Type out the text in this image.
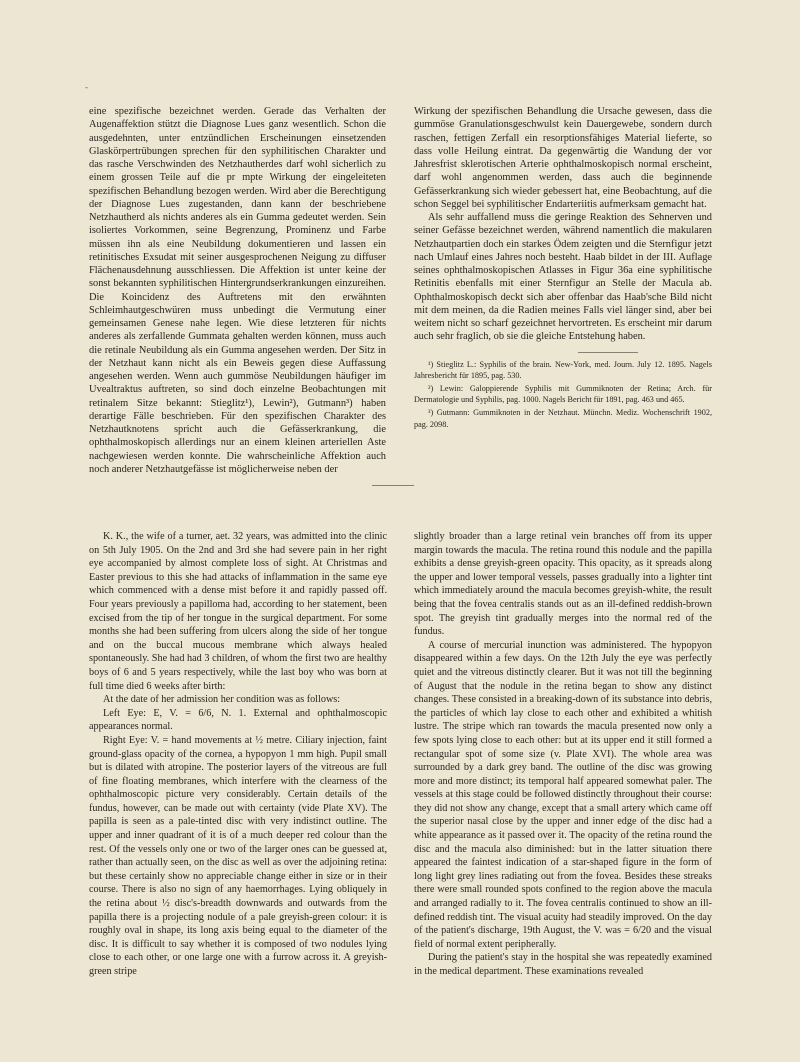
-

eine spezifische bezeichnet werden. Gerade das Verhalten der Augenaffektion stützt die Diagnose Lues ganz wesentlich. Schon die ausgedehnten, unter entzündlichen Erscheinungen einsetzenden Glaskörpertrübungen sprechen für den syphilitischen Charakter und das rasche Verschwinden des Netzhautherdes darf wohl sicherlich zu einem grossen Teile auf die pr mpte Wirkung der eingeleiteten spezifischen Behandlung bezogen werden. Wird aber die Berechtigung der Diagnose Lues zugestanden, dann kann der beschriebene Netzhautherd als nichts anderes als ein Gumma gedeutet werden. Sein isoliertes Vorkommen, seine Begrenzung, Prominenz und Farbe müssen ihn als eine Neubildung dokumentieren und lassen ein retinitisches Exsudat mit seiner ausgesprochenen Neigung zu diffuser Flächenausdehnung ausschliessen. Die Affektion ist unter keine der sonst bekannten syphilitischen Hintergrundserkrankungen einzureihen. Die Koincidenz des Auftretens mit den erwähnten Schleimhautgeschwüren muss unbedingt die Vermutung einer gemeinsamen Genese nahe legen. Wie diese letzteren für nichts anderes als zerfallende Gummata gehalten werden können, muss auch die retinale Neubildung als ein Gumma angesehen werden. Der Sitz in der Netzhaut kann nicht als ein Beweis gegen diese Auffassung angesehen werden. Wenn auch gummöse Neubildungen häufiger im Uvealtraktus auftreten, so sind doch einzelne Beobachtungen mit retinalem Sitze bekannt: Stieglitz¹), Lewin²), Gutmann³) haben derartige Fälle beschrieben. Für den spezifischen Charakter des Netzhautknotens spricht auch die Gefässerkrankung, die ophthalmoskopisch allerdings nur an einem kleinen arteriellen Aste nachgewiesen werden konnte. Die wahrscheinliche Affektion auch noch anderer Netzhautgefässe ist möglicherweise neben der

Wirkung der spezifischen Behandlung die Ursache gewesen, dass die gummöse Granulationsgeschwulst kein Dauergewebe, sondern durch raschen, fettigen Zerfall ein resorptionsfähiges Material lieferte, so dass volle Heilung eintrat. Da gegenwärtig die Wandung der vor Jahresfrist sklerotischen Arterie ophthalmoskopisch normal erscheint, darf wohl angenommen werden, dass auch die beginnende Gefässerkrankung sich wieder gebessert hat, eine Beobachtung, auf die schon Seggel bei syphilitischer Endarteriitis aufmerksam gemacht hat.

Als sehr auffallend muss die geringe Reaktion des Sehnerven und seiner Gefässe bezeichnet werden, während namentlich die makularen Netzhautpartien doch ein starkes Ödem zeigten und die Sternfigur jetzt nach Umlauf eines Jahres noch besteht. Haab bildet in der III. Auflage seines ophthalmoskopischen Atlasses in Figur 36a eine syphilitische Retinitis ebenfalls mit einer Sternfigur an Stelle der Macula ab. Ophthalmoskopisch deckt sich aber offenbar das Haab'sche Bild nicht mit dem meinen, da die Radien meines Falls viel länger sind, aber bei weitem nicht so scharf gezeichnet hervortreten. Es erscheint mir darum auch sehr fraglich, ob sie die gleiche Entstehung haben.

¹) Stieglitz L.: Syphilis of the brain. New-York, med. Journ. July 12. 1895. Nagels Jahresbericht für 1895, pag. 530.

²) Lewin: Galoppierende Syphilis mit Gummiknoten der Retina; Arch. für Dermatologie und Syphilis, pag. 1000. Nagels Bericht für 1891, pag. 463 und 465.

³) Gutmann: Gummiknoten in der Netzhaut. Münchn. Mediz. Wochenschrift 1902, pag. 2098.

K. K., the wife of a turner, aet. 32 years, was admitted into the clinic on 5th July 1905. On the 2nd and 3rd she had severe pain in her right eye accompanied by almost complete loss of sight. At Christmas and Easter previous to this she had attacks of inflammation in the same eye which commenced with a dense mist before it and rapidly passed off. Four years previously a papilloma had, according to her statement, been excised from the tip of her tongue in the surgical department. For some months she had been suffering from ulcers along the side of her tongue and on the buccal mucous membrane which always healed spontaneously. She had had 3 children, of whom the first two are healthy boys of 6 and 5 years respectively, while the last boy who was born at full time died 6 weeks after birth:

At the date of her admission her condition was as follows:

Left Eye: E, V. = 6/6, N. 1. External and ophthalmoscopic appearances normal.

Right Eye: V. = hand movements at ½ metre. Ciliary injection, faint ground-glass opacity of the cornea, a hypopyon 1 mm high. Pupil small but is dilated with atropine. The posterior layers of the vitreous are full of fine floating membranes, which interfere with the clearness of the ophthalmoscopic picture very considerably. Certain details of the fundus, however, can be made out with certainty (vide Plate XV). The papilla is seen as a pale-tinted disc with very indistinct outline. The upper and inner quadrant of it is of a much deeper red colour than the rest. Of the vessels only one or two of the larger ones can be guessed at, rather than actually seen, on the disc as well as over the adjoining retina: but these certainly show no appreciable change either in size or in their course. There is also no sign of any haemorrhages. Lying obliquely in the retina about ½ disc's-breadth downwards and outwards from the papilla there is a projecting nodule of a pale greyish-green colour: it is roughly oval in shape, its long axis being equal to the diameter of the disc. It is difficult to say whether it is composed of two nodules lying close to each other, or one large one with a furrow across it. A greyish-green stripe

slightly broader than a large retinal vein branches off from its upper margin towards the macula. The retina round this nodule and the papilla exhibits a dense greyish-green opacity. This opacity, as it spreads along the upper and lower temporal vessels, passes gradually into a lighter tint which immediately around the macula becomes greyish-white, the result being that the fovea centralis stands out as an ill-defined reddish-brown spot. The greyish tint gradually merges into the normal red of the fundus.

A course of mercurial inunction was administered. The hypopyon disappeared within a few days. On the 12th July the eye was perfectly quiet and the vitreous distinctly clearer. But it was not till the beginning of August that the nodule in the retina began to show any distinct changes. These consisted in a breaking-down of its substance into debris, the particles of which lay close to each other and exhibited a whitish lustre. The stripe which ran towards the macula presented now only a few spots lying close to each other: but at its upper end it still formed a rectangular spot of some size (v. Plate XVI). The whole area was surrounded by a dark grey band. The outline of the disc was growing more and more distinct; its temporal half appeared somewhat paler. The vessels at this stage could be followed distinctly throughout their course: they did not show any change, except that a small artery which came off the superior nasal close by the upper and inner edge of the disc had a white appearance as it passed over it. The opacity of the retina round the disc and the macula also diminished: but in the latter situation there appeared the faintest indication of a star-shaped figure in the form of long light grey lines radiating out from the fovea. Besides these streaks there were small rounded spots confined to the region above the macula and arranged radially to it. The fovea centralis continued to show an ill-defined reddish tint. The visual acuity had steadily improved. On the day of the patient's discharge, 19th August, the V. was = 6/20 and the visual field of normal extent peripherally.

During the patient's stay in the hospital she was repeatedly examined in the medical department. These examinations revealed
